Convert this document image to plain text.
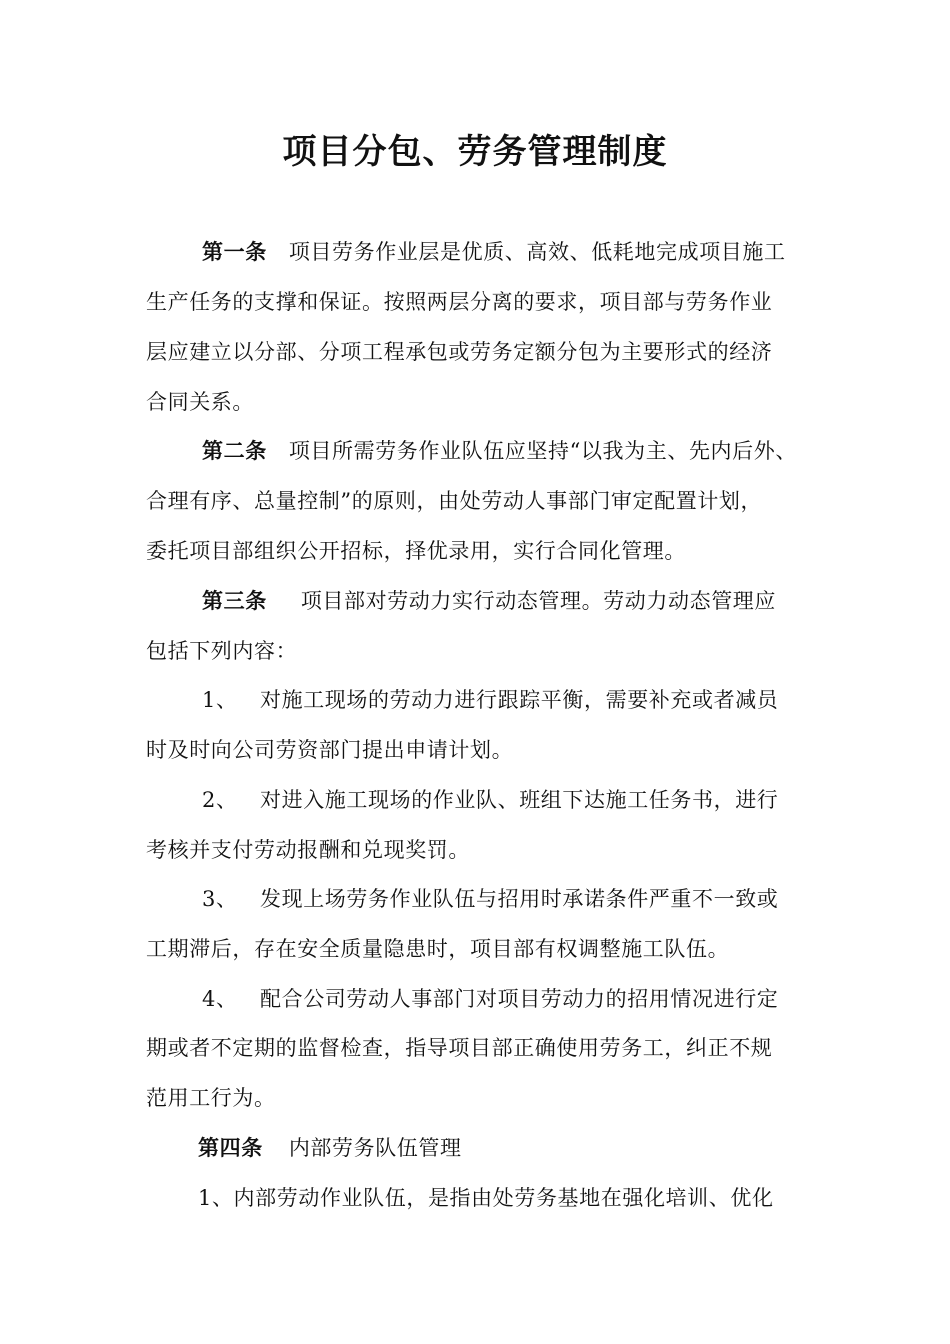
项目分包、劳务管理制度
第一条 项目劳务作业层是优质、高效、低耗地完成项目施工
生产任务的支撑和保证。按照两层分离的要求，项目部与劳务作业
层应建立以分部、分项工程承包或劳务定额分包为主要形式的经济
合同关系。
第二条 项目所需劳务作业队伍应坚持“以我为主、先内后外、
合理有序、总量控制”的原则，由处劳动人事部门审定配置计划，
委托项目部组织公开招标，择优录用，实行合同化管理。
第三条 项目部对劳动力实行动态管理。劳动力动态管理应
包括下列内容：
1、 对施工现场的劳动力进行跟踪平衡，需要补充或者减员
时及时向公司劳资部门提出申请计划。
2、 对进入施工现场的作业队、班组下达施工任务书，进行
考核并支付劳动报酬和兑现奖罚。
3、 发现上场劳务作业队伍与招用时承诺条件严重不一致或
工期滞后，存在安全质量隐患时，项目部有权调整施工队伍。
4、 配合公司劳动人事部门对项目劳动力的招用情况进行定
期或者不定期的监督检查，指导项目部正确使用劳务工，纠正不规
范用工行为。
第四条 内部劳务队伍管理
1、内部劳动作业队伍，是指由处劳务基地在强化培训、优化
